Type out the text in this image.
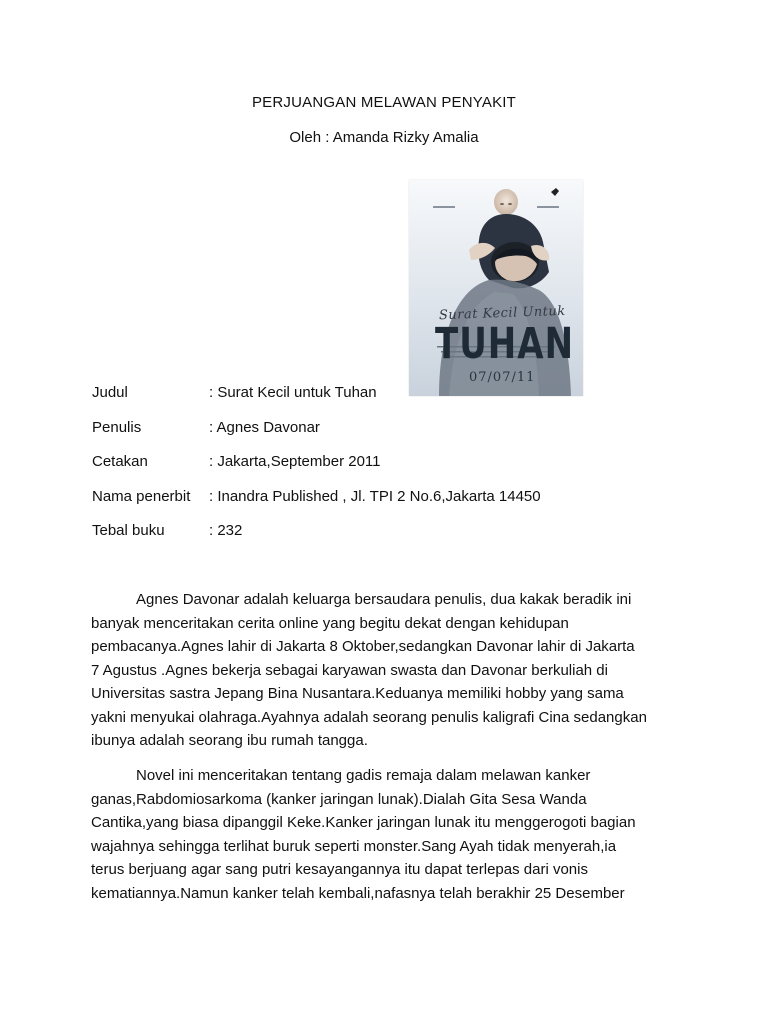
PERJUANGAN MELAWAN PENYAKIT
Oleh : Amanda Rizky Amalia
Surat Kecil Untuk
TUHAN
07/07/11
Judul	: Surat Kecil untuk Tuhan
Penulis	: Agnes Davonar
Cetakan	: Jakarta,September 2011
Nama penerbit : Inandra Published , Jl. TPI 2 No.6,Jakarta 14450
Tebal buku	: 232
Agnes Davonar adalah keluarga bersaudara penulis, dua kakak beradik ini
banyak menceritakan cerita online yang begitu dekat dengan kehidupan
pembacanya.Agnes lahir di Jakarta 8 Oktober,sedangkan Davonar lahir di Jakarta
7 Agustus .Agnes bekerja sebagai karyawan swasta dan Davonar berkuliah di
Universitas sastra Jepang Bina Nusantara.Keduanya memiliki hobby yang sama
yakni menyukai olahraga.Ayahnya adalah seorang penulis kaligrafi Cina sedangkan
ibunya adalah seorang ibu rumah tangga.
Novel ini menceritakan tentang gadis remaja dalam melawan kanker
ganas,Rabdomiosarkoma (kanker jaringan lunak).Dialah Gita Sesa Wanda
Cantika,yang biasa dipanggil Keke.Kanker jaringan lunak itu menggerogoti bagian
wajahnya sehingga terlihat buruk seperti monster.Sang Ayah tidak menyerah,ia
terus berjuang agar sang putri kesayangannya itu dapat terlepas dari vonis
kematiannya.Namun kanker telah kembali,nafasnya telah berakhir 25 Desember
